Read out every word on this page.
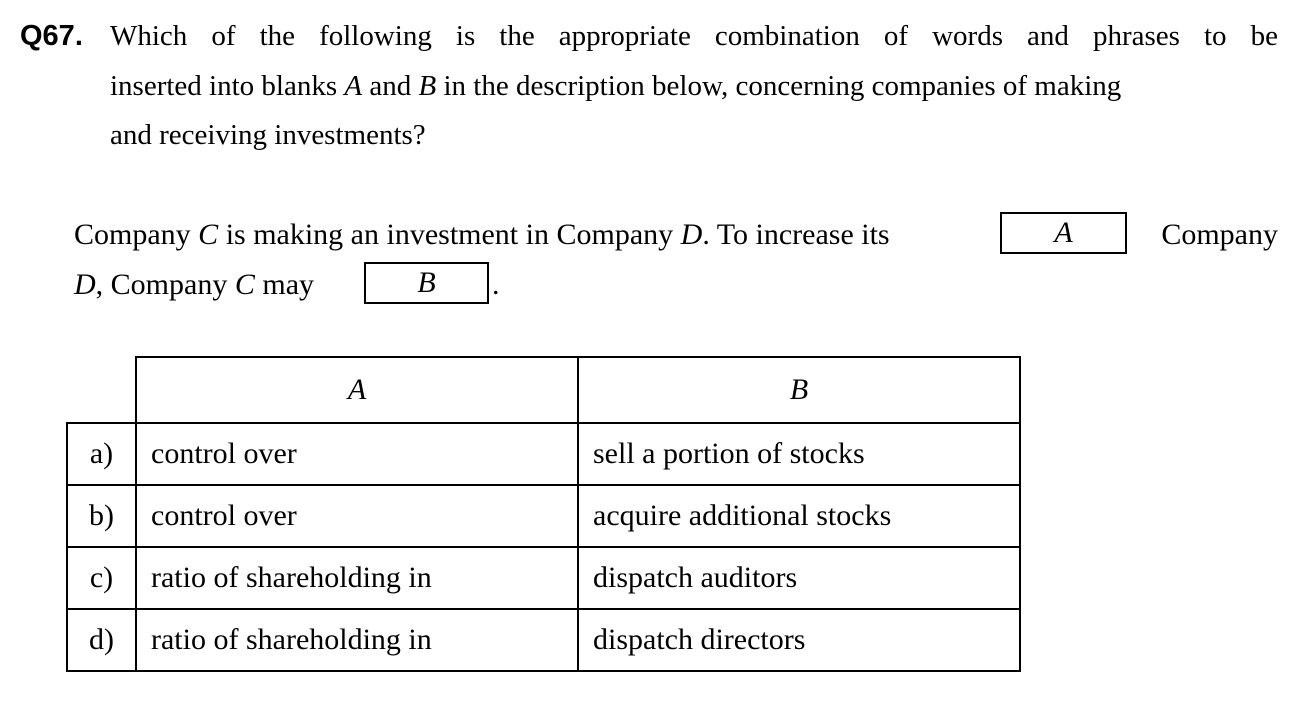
Q67. Which of the following is the appropriate combination of words and phrases to be
inserted into blanks A and B in the description below, concerning companies of making
and receiving investments?
Company C is making an investment in Company D. To increase its	Company
A
D, Company C may	B	.
	A	B
a)	control over	sell a portion of stocks
b)	control over	acquire additional stocks
c)	ratio of shareholding in	dispatch auditors
d)	ratio of shareholding in	dispatch directors
